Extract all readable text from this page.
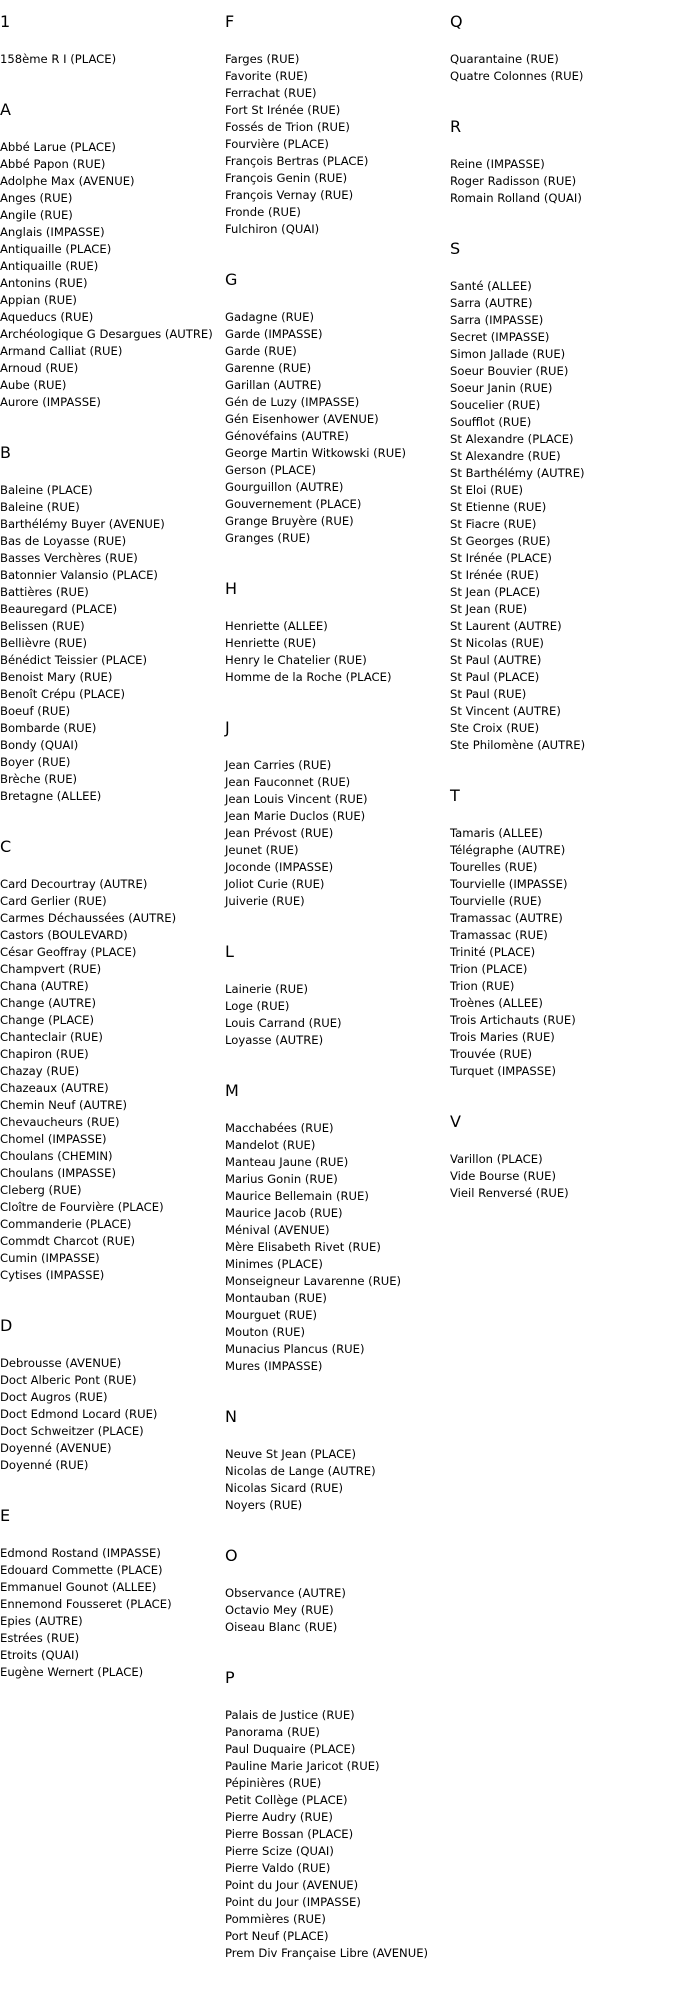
1
158ème R I (PLACE)
A
Abbé Larue (PLACE)
Abbé Papon (RUE)
Adolphe Max (AVENUE)
Anges (RUE)
Angile (RUE)
Anglais (IMPASSE)
Antiquaille (PLACE)
Antiquaille (RUE)
Antonins (RUE)
Appian (RUE)
Aqueducs (RUE)
Archéologique G Desargues (AUTRE)
Armand Calliat (RUE)
Arnoud (RUE)
Aube (RUE)
Aurore (IMPASSE)
B
Baleine (PLACE)
Baleine (RUE)
Barthélémy Buyer (AVENUE)
Bas de Loyasse (RUE)
Basses Verchères (RUE)
Batonnier Valansio (PLACE)
Battières (RUE)
Beauregard (PLACE)
Belissen (RUE)
Bellièvre (RUE)
Bénédict Teissier (PLACE)
Benoist Mary (RUE)
Benoît Crépu (PLACE)
Boeuf (RUE)
Bombarde (RUE)
Bondy (QUAI)
Boyer (RUE)
Brèche (RUE)
Bretagne (ALLEE)
C
Card Decourtray (AUTRE)
Card Gerlier (RUE)
Carmes Déchaussées (AUTRE)
Castors (BOULEVARD)
César Geoffray (PLACE)
Champvert (RUE)
Chana (AUTRE)
Change (AUTRE)
Change (PLACE)
Chanteclair (RUE)
Chapiron (RUE)
Chazay (RUE)
Chazeaux (AUTRE)
Chemin Neuf (AUTRE)
Chevaucheurs (RUE)
Chomel (IMPASSE)
Choulans (CHEMIN)
Choulans (IMPASSE)
Cleberg (RUE)
Cloître de Fourvière (PLACE)
Commanderie (PLACE)
Commdt Charcot (RUE)
Cumin (IMPASSE)
Cytises (IMPASSE)
D
Debrousse (AVENUE)
Doct Alberic Pont (RUE)
Doct Augros (RUE)
Doct Edmond Locard (RUE)
Doct Schweitzer (PLACE)
Doyenné (AVENUE)
Doyenné (RUE)
E
Edmond Rostand (IMPASSE)
Edouard Commette (PLACE)
Emmanuel Gounot (ALLEE)
Ennemond Fousseret (PLACE)
Epies (AUTRE)
Estrées (RUE)
Etroits (QUAI)
Eugène Wernert (PLACE)
F
Farges (RUE)
Favorite (RUE)
Ferrachat (RUE)
Fort St Irénée (RUE)
Fossés de Trion (RUE)
Fourvière (PLACE)
François Bertras (PLACE)
François Genin (RUE)
François Vernay (RUE)
Fronde (RUE)
Fulchiron (QUAI)
G
Gadagne (RUE)
Garde (IMPASSE)
Garde (RUE)
Garenne (RUE)
Garillan (AUTRE)
Gén de Luzy (IMPASSE)
Gén Eisenhower (AVENUE)
Génovéfains (AUTRE)
George Martin Witkowski (RUE)
Gerson (PLACE)
Gourguillon (AUTRE)
Gouvernement (PLACE)
Grange Bruyère (RUE)
Granges (RUE)
H
Henriette (ALLEE)
Henriette (RUE)
Henry le Chatelier (RUE)
Homme de la Roche (PLACE)
J
Jean Carries (RUE)
Jean Fauconnet (RUE)
Jean Louis Vincent (RUE)
Jean Marie Duclos (RUE)
Jean Prévost (RUE)
Jeunet (RUE)
Joconde (IMPASSE)
Joliot Curie (RUE)
Juiverie (RUE)
L
Lainerie (RUE)
Loge (RUE)
Louis Carrand (RUE)
Loyasse (AUTRE)
M
Macchabées (RUE)
Mandelot (RUE)
Manteau Jaune (RUE)
Marius Gonin (RUE)
Maurice Bellemain (RUE)
Maurice Jacob (RUE)
Ménival (AVENUE)
Mère Elisabeth Rivet (RUE)
Minimes (PLACE)
Monseigneur Lavarenne (RUE)
Montauban (RUE)
Mourguet (RUE)
Mouton (RUE)
Munacius Plancus (RUE)
Mures (IMPASSE)
N
Neuve St Jean (PLACE)
Nicolas de Lange (AUTRE)
Nicolas Sicard (RUE)
Noyers (RUE)
O
Observance (AUTRE)
Octavio Mey (RUE)
Oiseau Blanc (RUE)
P
Palais de Justice (RUE)
Panorama (RUE)
Paul Duquaire (PLACE)
Pauline Marie Jaricot (RUE)
Pépinières (RUE)
Petit Collège (PLACE)
Pierre Audry (RUE)
Pierre Bossan (PLACE)
Pierre Scize (QUAI)
Pierre Valdo (RUE)
Point du Jour (AVENUE)
Point du Jour (IMPASSE)
Pommières (RUE)
Port Neuf (PLACE)
Prem Div Française Libre (AVENUE)
Q
Quarantaine (RUE)
Quatre Colonnes (RUE)
R
Reine (IMPASSE)
Roger Radisson (RUE)
Romain Rolland (QUAI)
S
Santé (ALLEE)
Sarra (AUTRE)
Sarra (IMPASSE)
Secret (IMPASSE)
Simon Jallade (RUE)
Soeur Bouvier (RUE)
Soeur Janin (RUE)
Soucelier (RUE)
Soufflot (RUE)
St Alexandre (PLACE)
St Alexandre (RUE)
St Barthélémy (AUTRE)
St Eloi (RUE)
St Etienne (RUE)
St Fiacre (RUE)
St Georges (RUE)
St Irénée (PLACE)
St Irénée (RUE)
St Jean (PLACE)
St Jean (RUE)
St Laurent (AUTRE)
St Nicolas (RUE)
St Paul (AUTRE)
St Paul (PLACE)
St Paul (RUE)
St Vincent (AUTRE)
Ste Croix (RUE)
Ste Philomène (AUTRE)
T
Tamaris (ALLEE)
Télégraphe (AUTRE)
Tourelles (RUE)
Tourvielle (IMPASSE)
Tourvielle (RUE)
Tramassac (AUTRE)
Tramassac (RUE)
Trinité (PLACE)
Trion (PLACE)
Trion (RUE)
Troènes (ALLEE)
Trois Artichauts (RUE)
Trois Maries (RUE)
Trouvée (RUE)
Turquet (IMPASSE)
V
Varillon (PLACE)
Vide Bourse (RUE)
Vieil Renversé (RUE)
